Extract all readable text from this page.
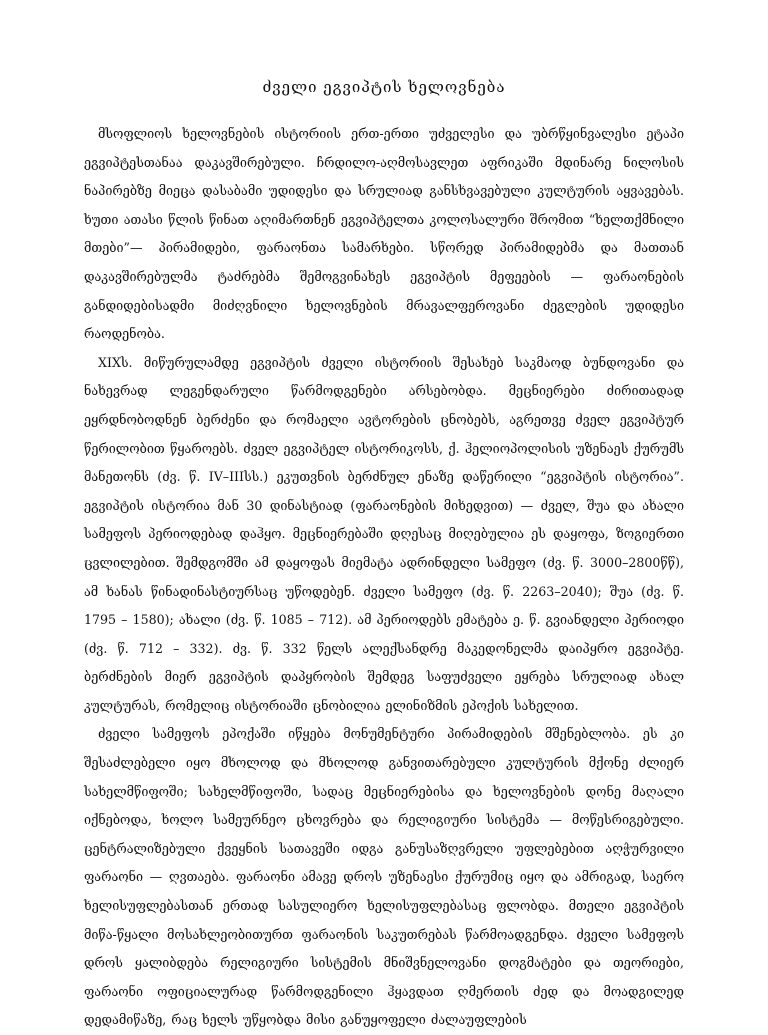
ძველი ეგვიპტის ხელოვნება

მსოფლიოს ხელოვნების ისტორიის ერთ-ერთი უძველესი და უბრწყინვალესი ეტაპი ეგვიპტესთანაა დაკავშირებული. ჩრდილო-აღმოსავლეთ აფრიკაში მდინარე ნილოსის ნაპირებზე მიეცა დასაბამი უდიდესი და სრულიად განსხვავებული კულტურის აყვავებას. ხუთი ათასი წლის წინათ აღიმართნენ ეგვიპტელთა კოლოსალური შრომით “ხელთქმნილი მთები”— პირამიდები, ფარაონთა სამარხები. სწორედ პირამიდებმა და მათთან დაკავშირებულმა ტაძრებმა შემოგვინახეს ეგვიპტის მეფეების — ფარაონების განდიდებისადმი მიძღვნილი ხელოვნების მრავალფეროვანი ძეგლების უდიდესი რაოდენობა.

XIXს. მიწურულამდე ეგვიპტის ძველი ისტორიის შესახებ საკმაოდ ბუნდოვანი და ნახევრად ლეგენდარული წარმოდგენები არსებობდა. მეცნიერები ძირითადად ეყრდნობოდნენ ბერძენი და რომაელი ავტორების ცნობებს, აგრეთვე ძველ ეგვიპტურ წერილობით წყაროებს. ძველ ეგვიპტელ ისტორიკოსს, ქ. ჰელიოპოლისის უზენაეს ქურუმს მანეთონს (ძვ. წ. IV–IIIსს.) ეკუთვნის ბერძნულ ენაზე დაწერილი “ეგვიპტის ისტორია”. ეგვიპტის ისტორია მან 30 დინასტიად (ფარაონების მიხედვით) — ძველ, შუა და ახალი სამეფოს პერიოდებად დაჰყო. მეცნიერებაში დღესაც მიღებულია ეს დაყოფა, ზოგიერთი ცვლილებით. შემდგომში ამ დაყოფას მიემატა ადრინდელი სამეფო (ძვ. წ. 3000–2800წწ), ამ ხანას წინადინასტიურსაც უწოდებენ. ძველი სამეფო (ძვ. წ. 2263–2040); შუა (ძვ. წ. 1795 – 1580); ახალი (ძვ. წ. 1085 – 712). ამ პერიოდებს ემატება ე. წ. გვიანდელი პერიოდი (ძვ. წ. 712 – 332). ძვ. წ. 332 წელს ალექსანდრე მაკედონელმა დაიპყრო ეგვიპტე. ბერძნების მიერ ეგვიპტის დაპყრობის შემდეგ საფუძველი ეყრება სრულიად ახალ კულტურას, რომელიც ისტორიაში ცნობილია ელინიზმის ეპოქის სახელით.

ძველი სამეფოს ეპოქაში იწყება მონუმენტური პირამიდების მშენებლობა. ეს კი შესაძლებელი იყო მხოლოდ და მხოლოდ განვითარებული კულტურის მქონე ძლიერ სახელმწიფოში; სახელმწიფოში, სადაც მეცნიერებისა და ხელოვნების დონე მაღალი იქნებოდა, ხოლო სამეურნეო ცხოვრება და რელიგიური სისტემა — მოწესრიგებული. ცენტრალიზებული ქვეყნის სათავეში იდგა განუსაზღვრელი უფლებებით აღჭურვილი ფარაონი — ღვთაება. ფარაონი ამავე დროს უზენაესი ქურუმიც იყო და ამრიგად, საერო ხელისუფლებასთან ერთად სასულიერო ხელისუფლებასაც ფლობდა. მთელი ეგვიპტის მიწა-წყალი მოსახლეობითურთ ფარაონის საკუთრებას წარმოადგენდა. ძველი სამეფოს დროს ყალიბდება რელიგიური სისტემის მნიშვნელოვანი დოგმატები და თეორიები, ფარაონი ოფიციალურად წარმოდგენილი ჰყავდათ ღმერთის ძედ და მოადგილედ დედამიწაზე, რაც ხელს უწყობდა მისი განუყოფელი ძალაუფლების
